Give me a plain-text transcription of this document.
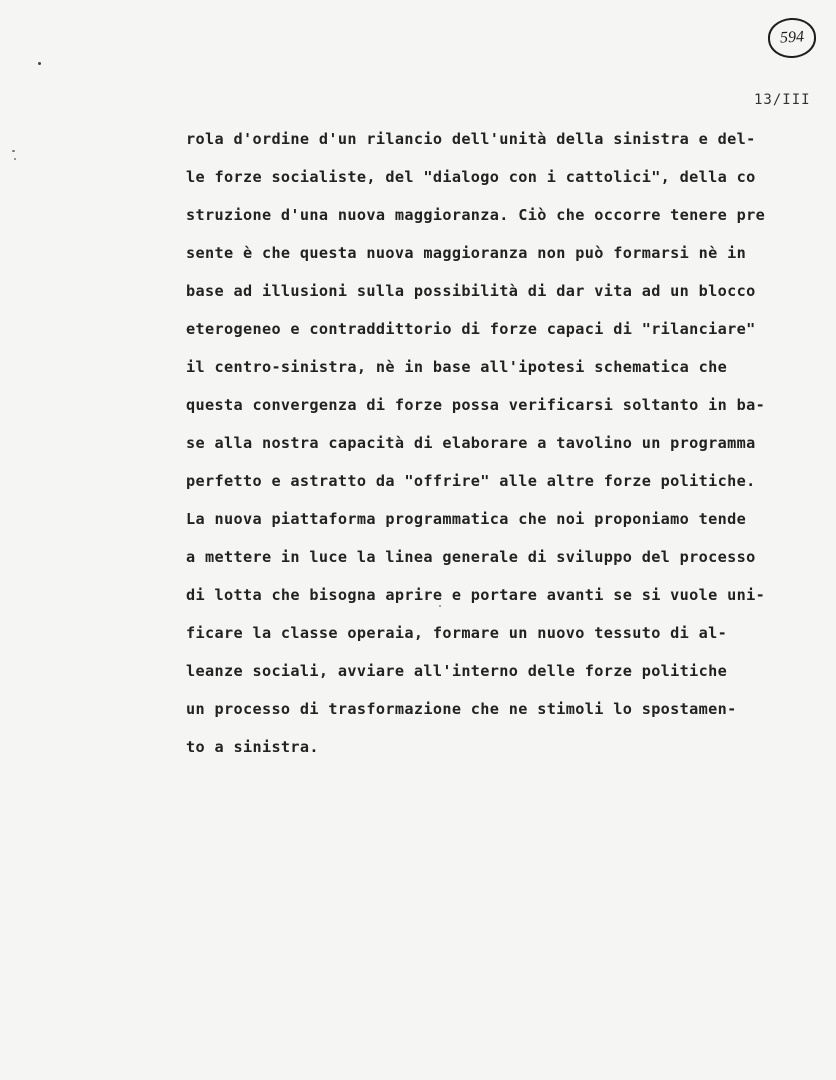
594
13/III
rola d'ordine d'un rilancio dell'unità della sinistra e del-
le forze socialiste, del "dialogo con i cattolici", della co
struzione d'una nuova maggioranza. Ciò che occorre tenere pre
sente è che questa nuova maggioranza non può formarsi nè in
base ad illusioni sulla possibilità di dar vita ad un blocco
eterogeneo e contraddittorio di forze capaci di "rilanciare"
il centro-sinistra, nè in base all'ipotesi schematica che
questa convergenza di forze possa verificarsi soltanto in ba-
se alla nostra capacità di elaborare a tavolino un programma
perfetto e astratto da "offrire" alle altre forze politiche.
La nuova piattaforma programmatica che noi proponiamo tende
a mettere in luce la linea generale di sviluppo del processo
di lotta che bisogna aprire e portare avanti se si vuole uni-
ficare la classe operaia, formare un nuovo tessuto di al-
leanze sociali, avviare all'interno delle forze politiche
un processo di trasformazione che ne stimoli lo spostamen-
to a sinistra.
